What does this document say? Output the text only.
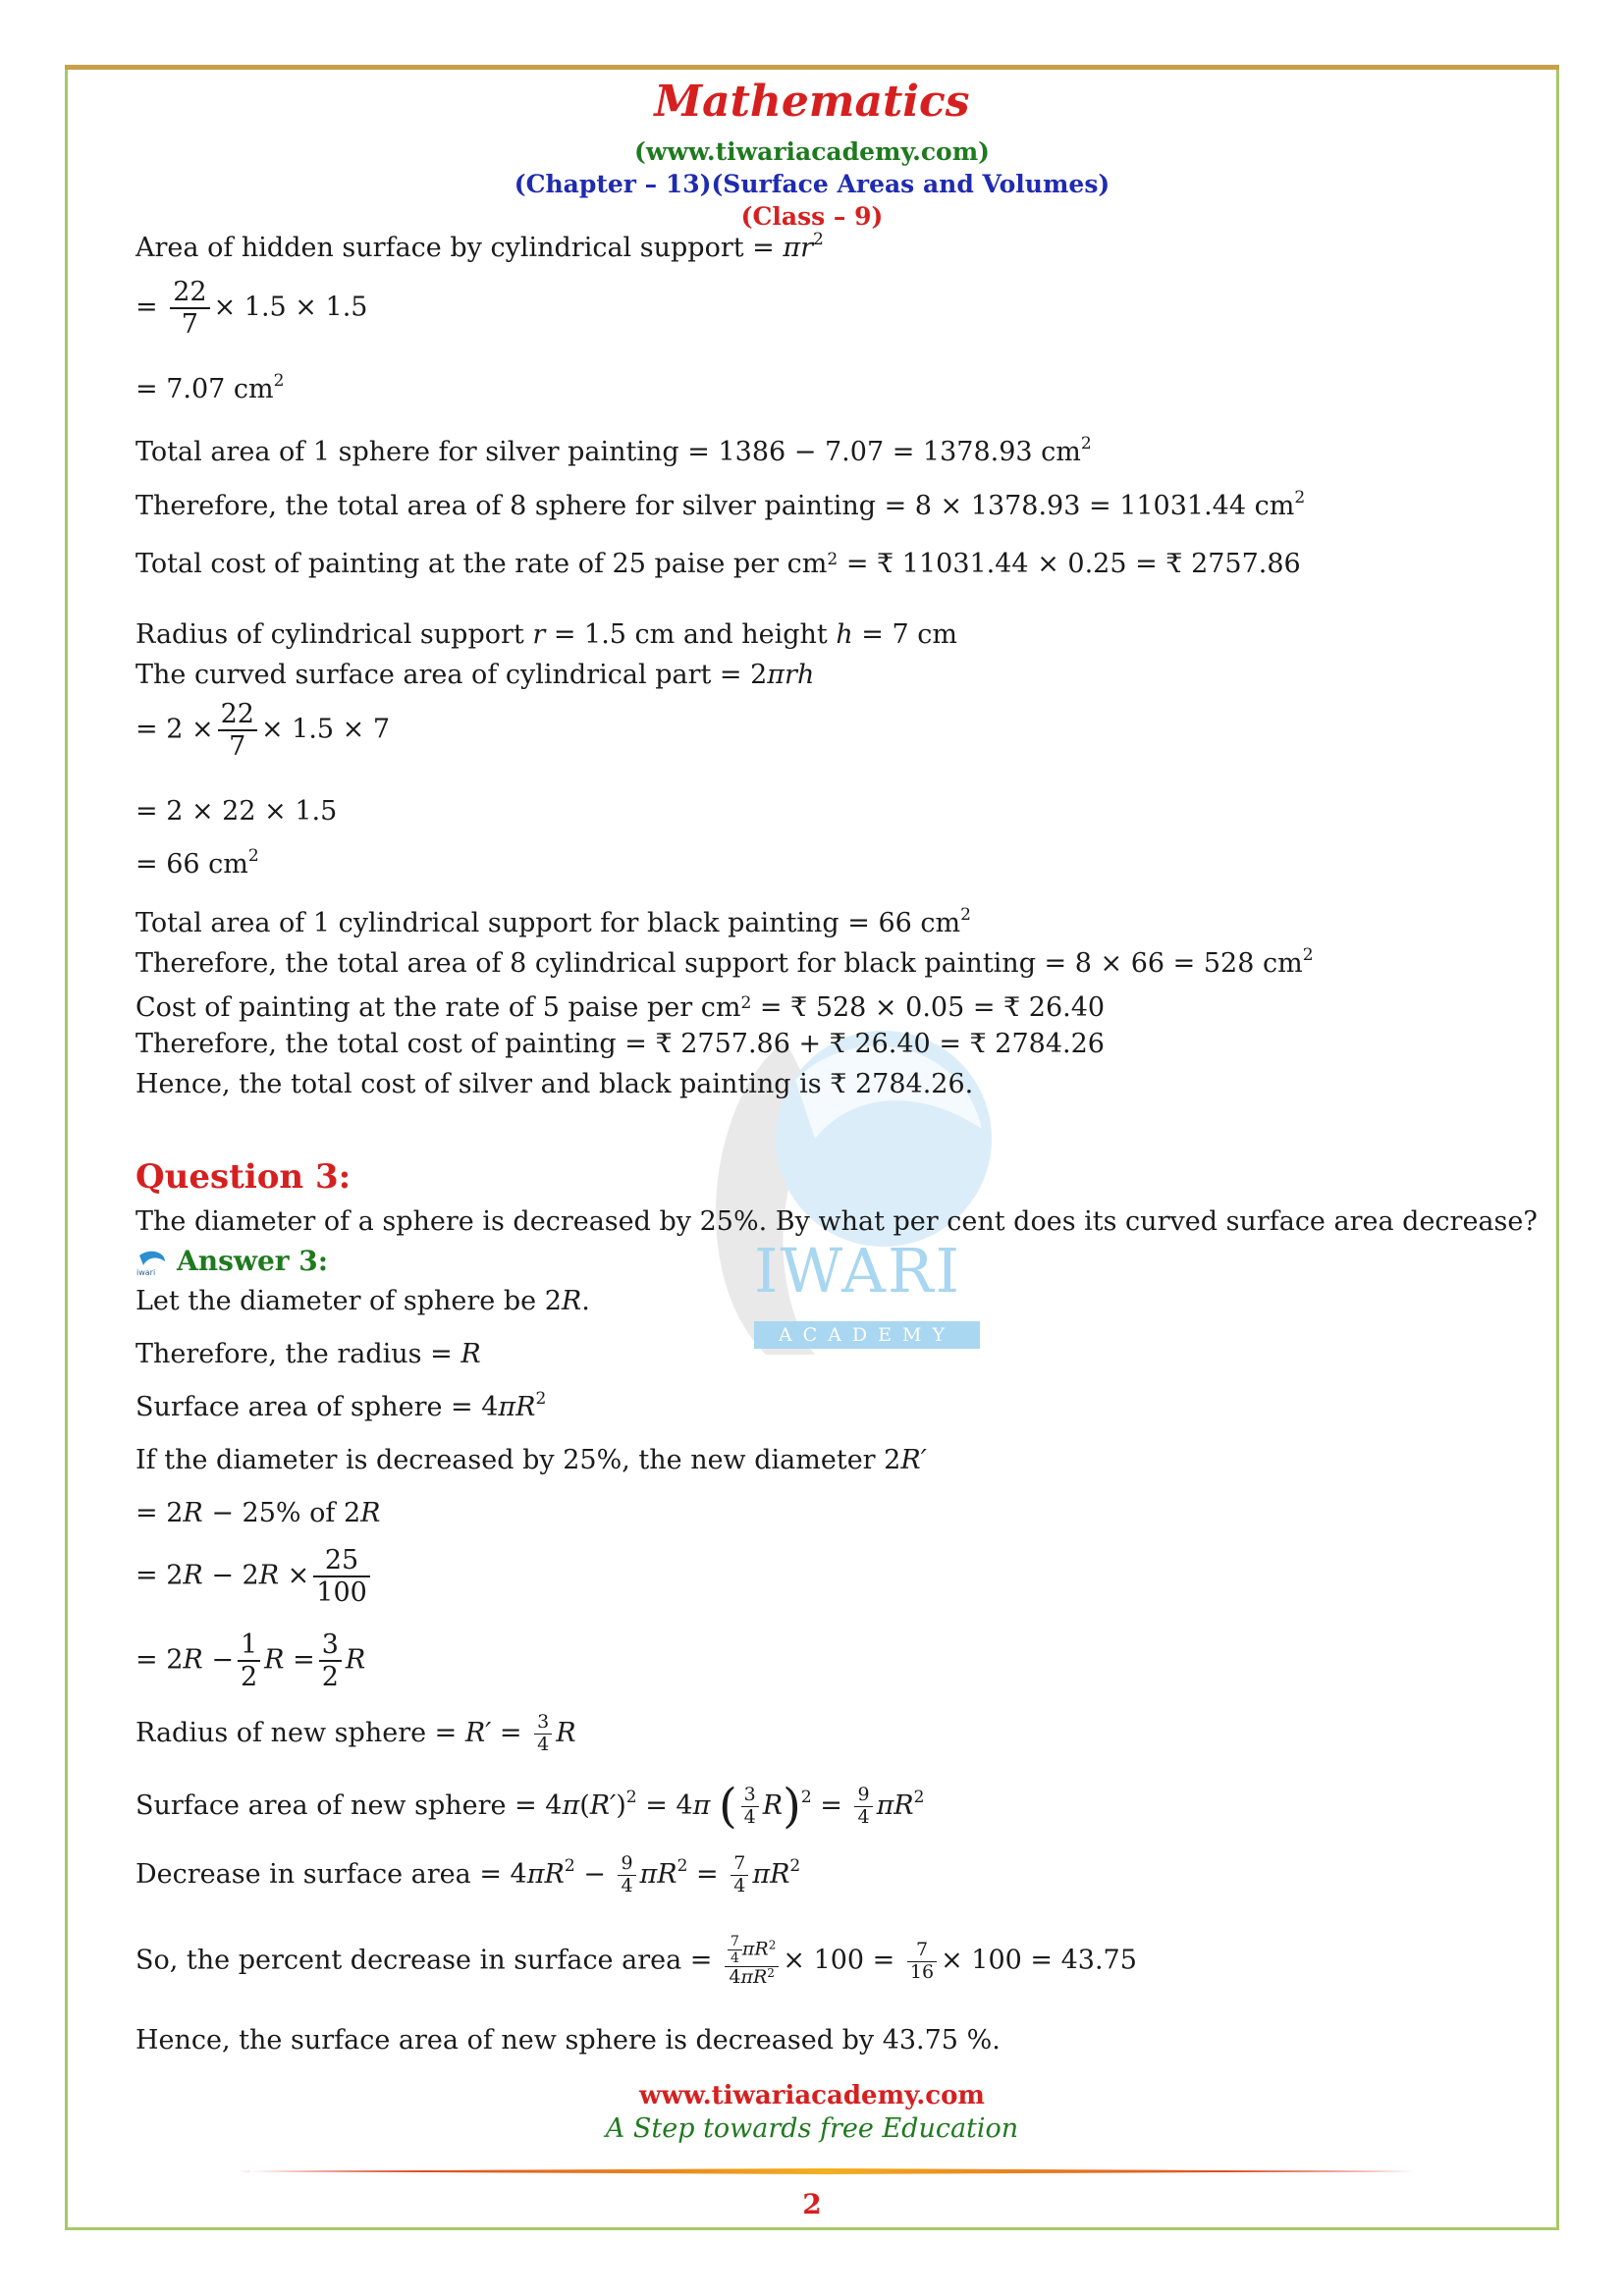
Mathematics
(www.tiwariacademy.com)
(Chapter – 13)(Surface Areas and Volumes)
(Class – 9)
IWARI
ACADEMY
Area of hidden surface by cylindrical support = $\pi r^2$
= $\frac{22}{7} \times 1.5 \times 1.5$
= 7.07 $cm^2$
Total area of 1 sphere for silver painting = 1386 − 7.07 = 1378.93 $cm^2$
Therefore, the total area of 8 sphere for silver painting = 8 × 1378.93 = 11031.44 $cm^2$
Total cost of painting at the rate of 25 paise per $cm^2$ = ₹ 11031.44 × 0.25 = ₹ 2757.86
Radius of cylindrical support r = 1.5 cm and height h = 7 cm
The curved surface area of cylindrical part = 2πrh
= $2 \times \frac{22}{7} \times 1.5 \times 7$
= 2 × 22 × 1.5
= 66 $cm^2$
Total area of 1 cylindrical support for black painting = 66 $cm^2$
Therefore, the total area of 8 cylindrical support for black painting = 8 × 66 = 528 $cm^2$
Cost of painting at the rate of 5 paise per $cm^2$ = ₹ 528 × 0.05 = ₹ 26.40
Therefore, the total cost of painting = ₹ 2757.86 + ₹ 26.40 = ₹ 2784.26
Hence, the total cost of silver and black painting is ₹ 2784.26.
Question 3:
The diameter of a sphere is decreased by 25%. By what per cent does its curved surface area decrease?
iwari Answer 3:
Let the diameter of sphere be 2R.
Therefore, the radius = R
Surface area of sphere = $4\pi R^2$
If the diameter is decreased by 25%, the new diameter 2R′
= 2R − 25% of 2R
= $2R - 2R \times \frac{25}{100}$
= $2R - \frac{1}{2}$ $R = \frac{3}{2}$ R
Radius of new sphere = $R' = \frac{3}{4}$ R
Surface area of new sphere = $4\pi(R')^2 = 4\pi$ ( $\frac{3}{4} R)^2 = \frac{9}{4} \pi R^2$
Decrease in surface area = $4\pi R^2 - \frac{9}{4} \pi R^2 = \frac{7}{4} \pi R^2$
So, the percent decrease in surface area = $\frac{\frac{7}{4} \pi R^2}{4\pi R^2} \times 100 = \frac{7}{16} \times 100 = 43.75$
Hence, the surface area of new sphere is decreased by 43.75 %.
www.tiwariacademy.com
A Step towards free Education
2
